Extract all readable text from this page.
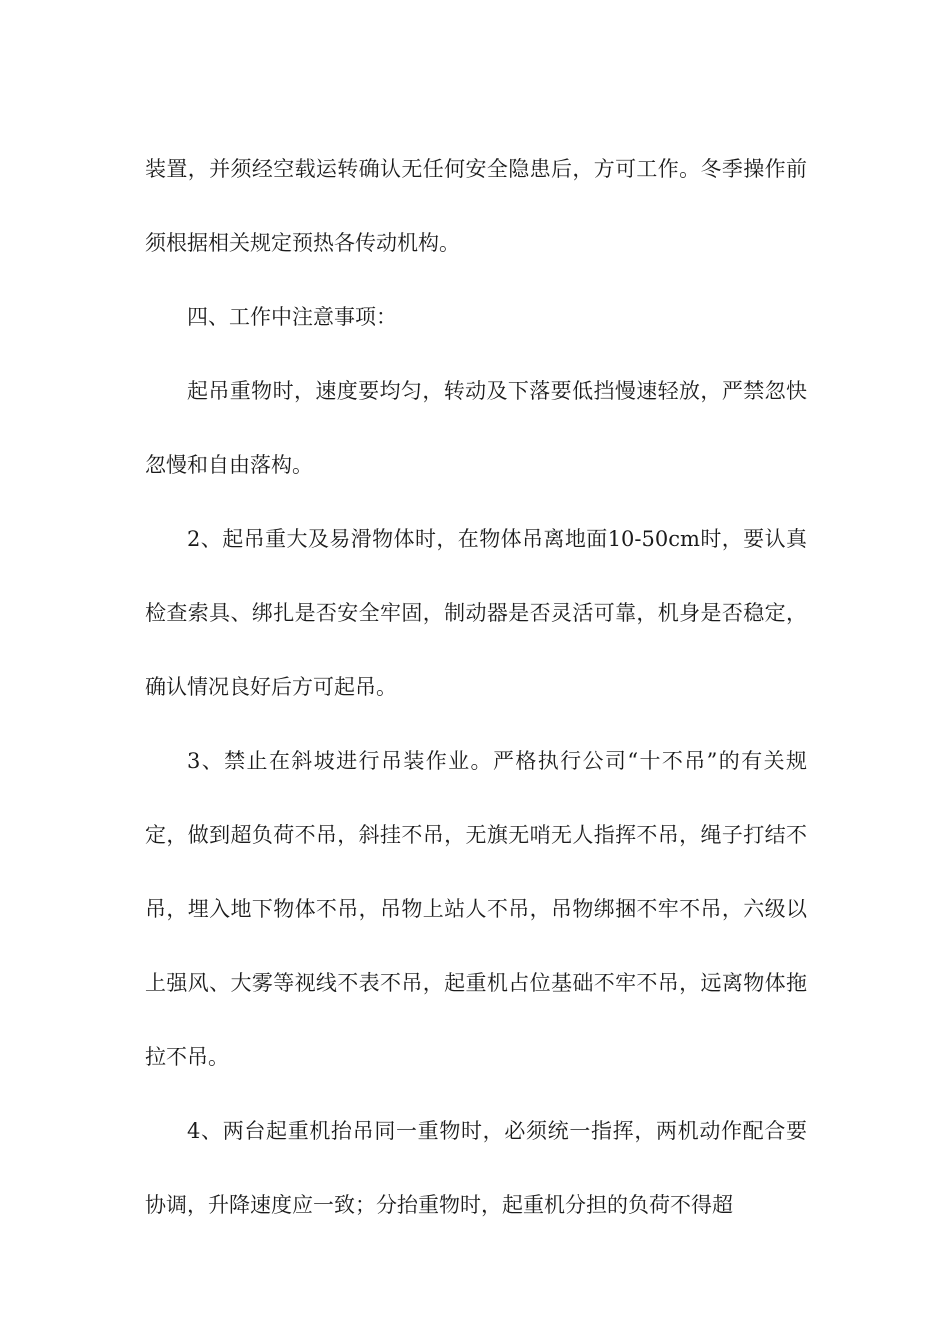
装置，并须经空载运转确认无任何安全隐患后，方可工作。冬季操作前须根据相关规定预热各传动机构。

四、工作中注意事项：

起吊重物时，速度要均匀，转动及下落要低挡慢速轻放，严禁忽快忽慢和自由落构。

2、起吊重大及易滑物体时，在物体吊离地面10-50cm时，要认真检查索具、绑扎是否安全牢固，制动器是否灵活可靠，机身是否稳定，确认情况良好后方可起吊。

3、禁止在斜坡进行吊装作业。严格执行公司“十不吊”的有关规定，做到超负荷不吊，斜挂不吊，无旗无哨无人指挥不吊，绳子打结不吊，埋入地下物体不吊，吊物上站人不吊，吊物绑捆不牢不吊，六级以上强风、大雾等视线不表不吊，起重机占位基础不牢不吊，远离物体拖拉不吊。

4、两台起重机抬吊同一重物时，必须统一指挥，两机动作配合要协调，升降速度应一致；分抬重物时，起重机分担的负荷不得超
